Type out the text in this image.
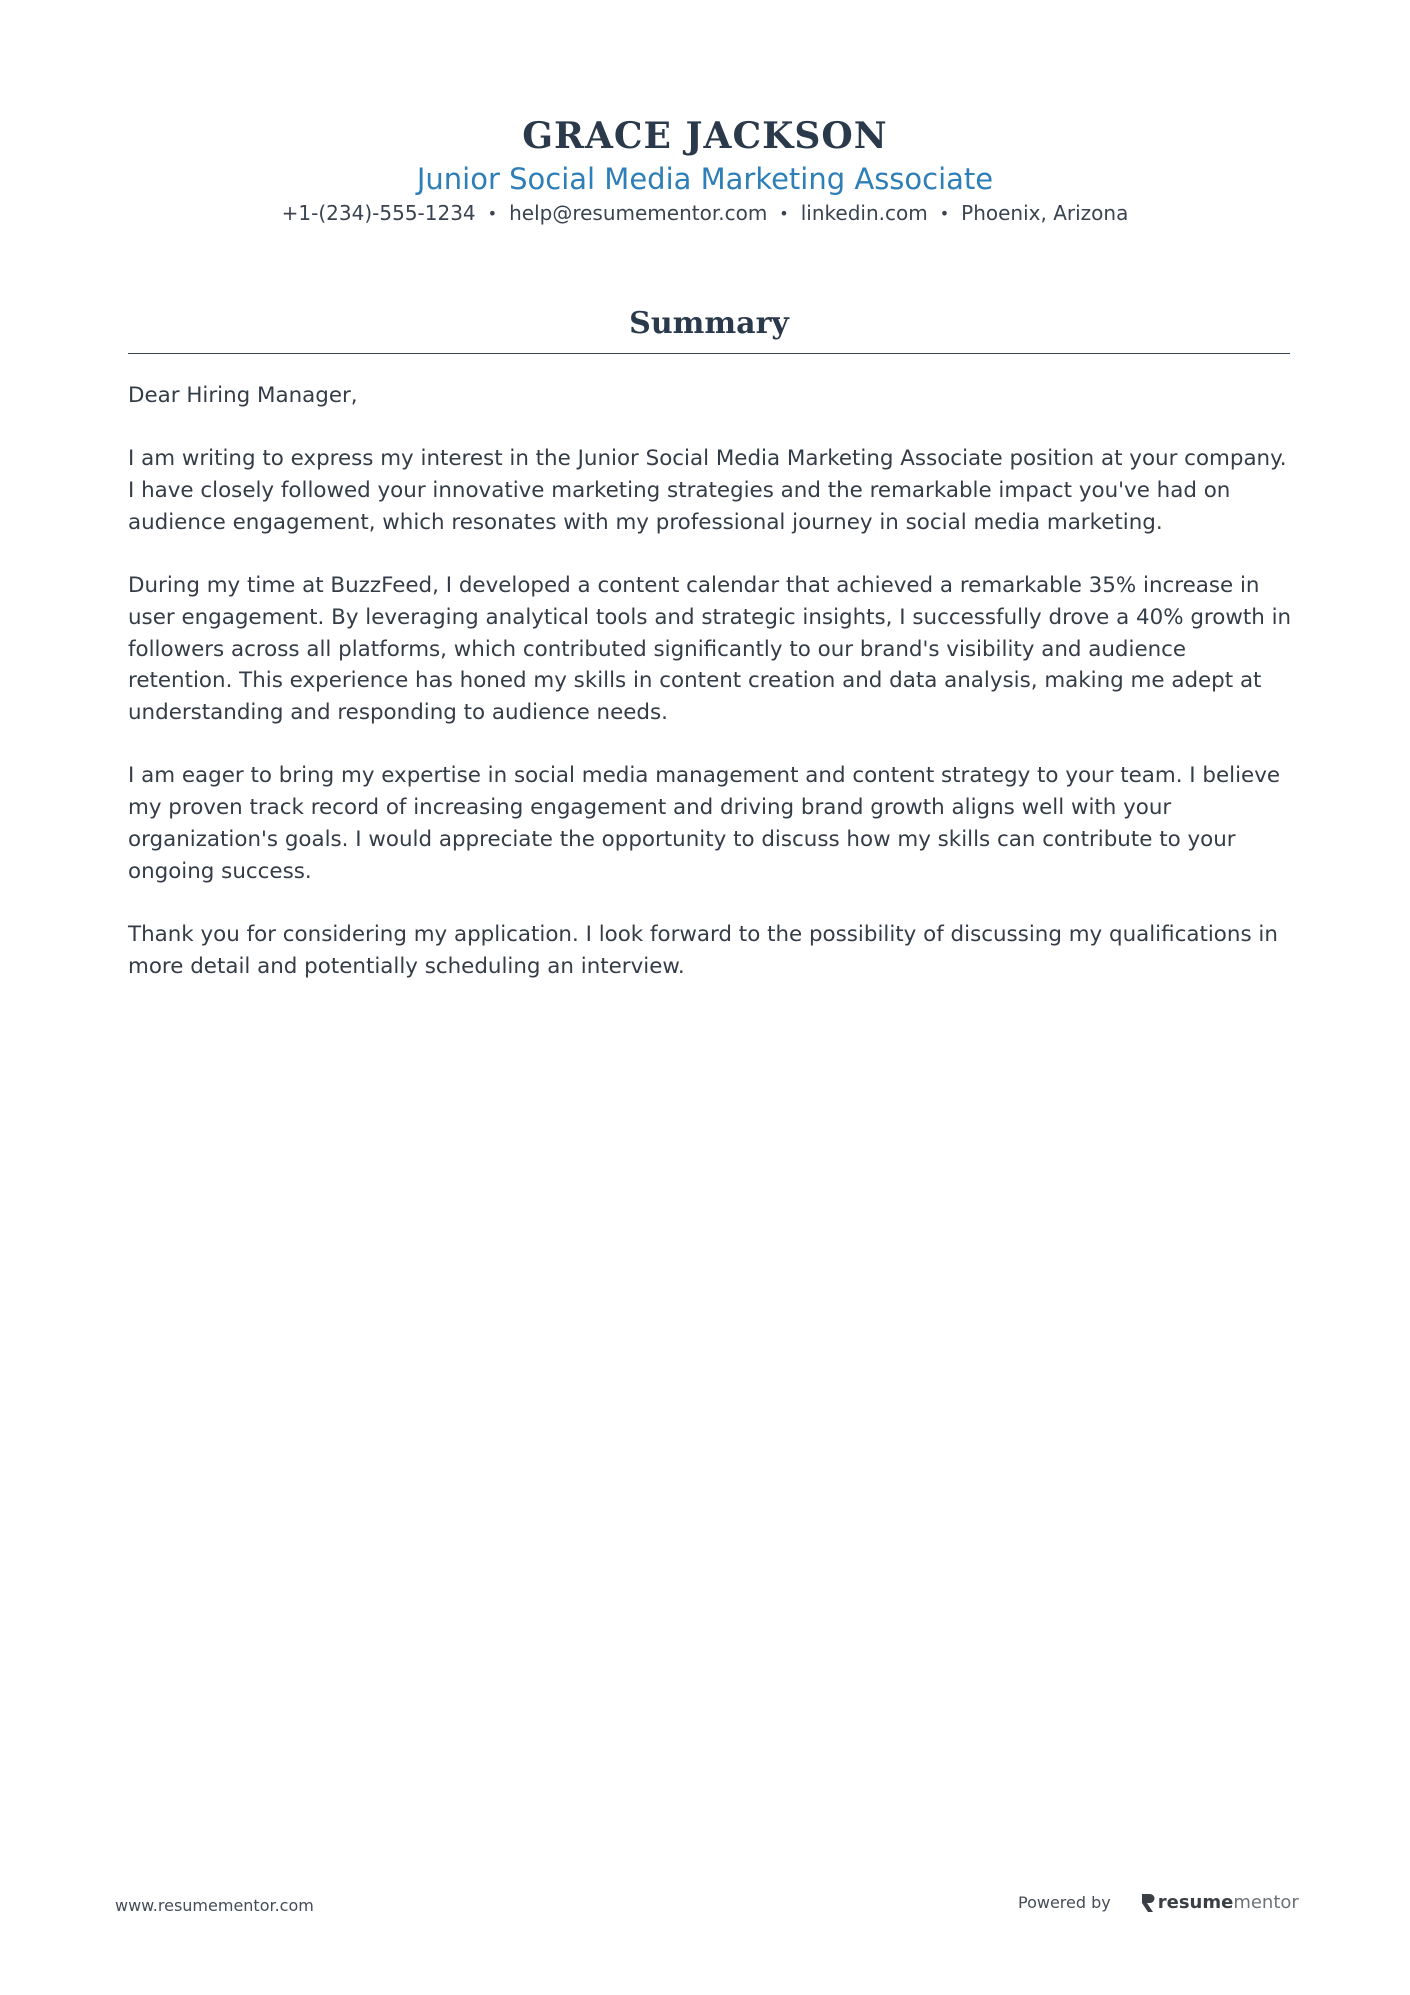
GRACE JACKSON
Junior Social Media Marketing Associate
+1-(234)-555-1234 • help@resumementor.com • linkedin.com • Phoenix, Arizona
Summary

Dear Hiring Manager,

I am writing to express my interest in the Junior Social Media Marketing Associate position at your company. I have closely followed your innovative marketing strategies and the remarkable impact you've had on audience engagement, which resonates with my professional journey in social media marketing.

During my time at BuzzFeed, I developed a content calendar that achieved a remarkable 35% increase in user engagement. By leveraging analytical tools and strategic insights, I successfully drove a 40% growth in followers across all platforms, which contributed significantly to our brand's visibility and audience retention. This experience has honed my skills in content creation and data analysis, making me adept at understanding and responding to audience needs.

I am eager to bring my expertise in social media management and content strategy to your team. I believe my proven track record of increasing engagement and driving brand growth aligns well with your organization's goals. I would appreciate the opportunity to discuss how my skills can contribute to your ongoing success.

Thank you for considering my application. I look forward to the possibility of discussing my qualifications in more detail and potentially scheduling an interview.

www.resumementor.com	Powered by	resume mentor
